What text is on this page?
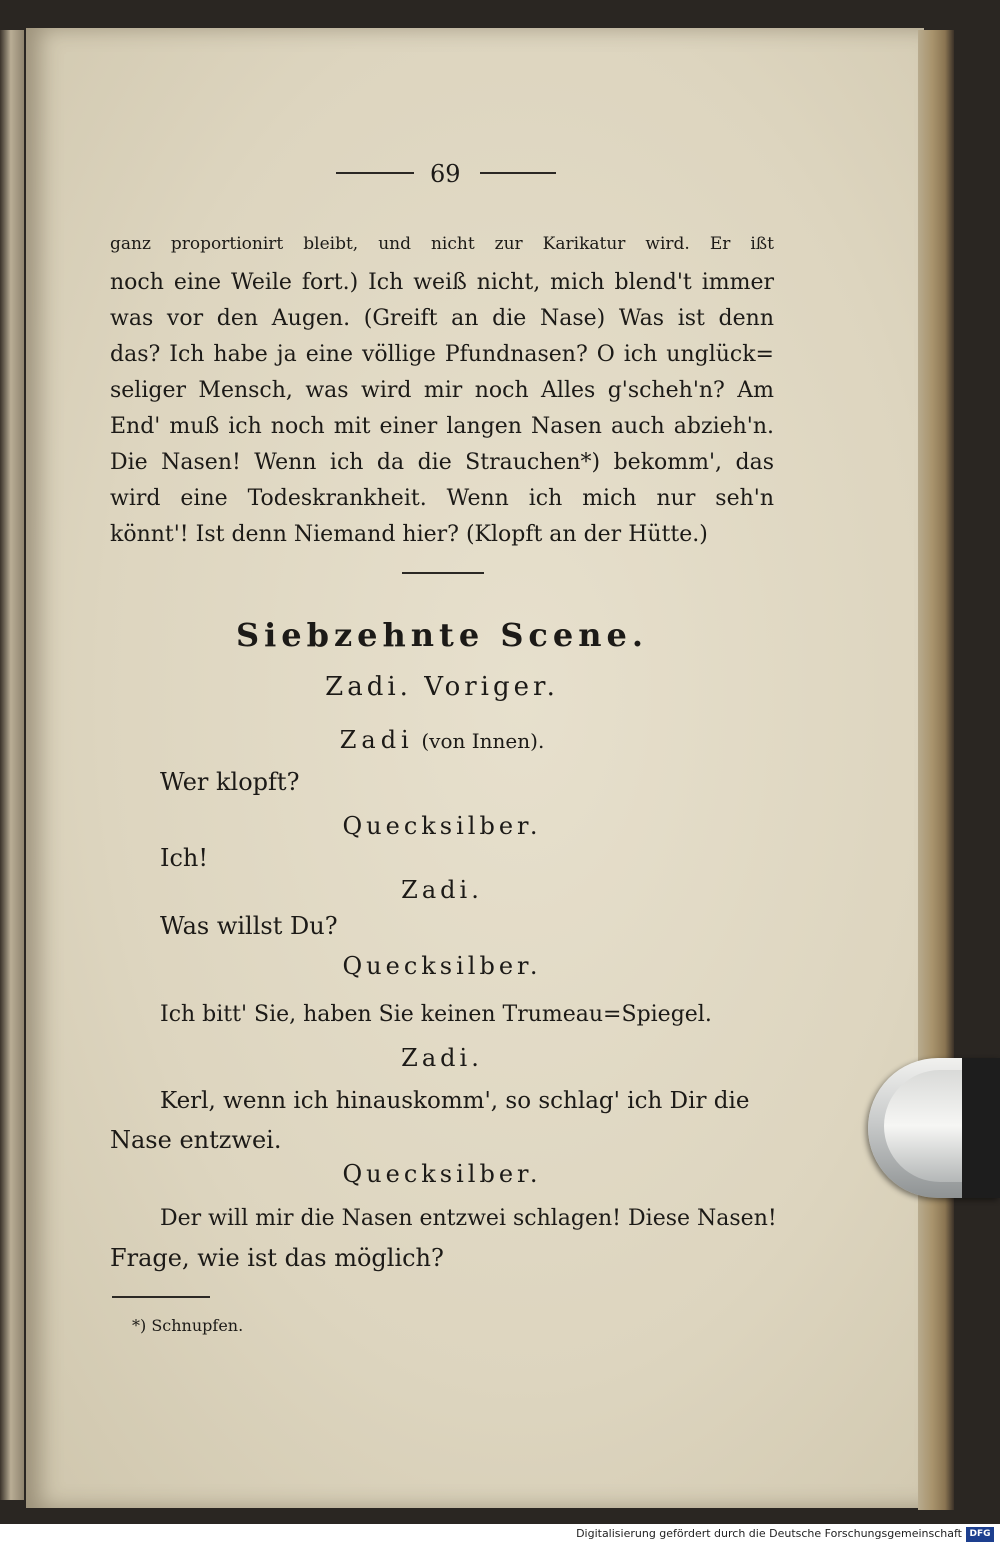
69
ganz proportionirt bleibt, und nicht zur Karikatur wird. Er ißt
noch eine Weile fort.) Ich weiß nicht, mich blend't immer
was vor den Augen. (Greift an die Nase) Was ist denn
das? Ich habe ja eine völlige Pfundnasen? O ich unglück=
seliger Mensch, was wird mir noch Alles g'scheh'n? Am
End' muß ich noch mit einer langen Nasen auch abzieh'n.
Die Nasen! Wenn ich da die Strauchen*) bekomm', das
wird eine Todeskrankheit. Wenn ich mich nur seh'n
könnt'! Ist denn Niemand hier? (Klopft an der Hütte.)
Siebzehnte Scene.
Zadi. Voriger.
Zadi (von Innen).
Wer klopft?
Quecksilber.
Ich!
Zadi.
Was willst Du?
Quecksilber.
Ich bitt' Sie, haben Sie keinen Trumeau=Spiegel.
Zadi.
Kerl, wenn ich hinauskomm', so schlag' ich Dir die
Nase entzwei.
Quecksilber.
Der will mir die Nasen entzwei schlagen! Diese Nasen!
Frage, wie ist das möglich?
*) Schnupfen.
Digitalisierung gefördert durch die Deutsche Forschungsgemeinschaft DFG
